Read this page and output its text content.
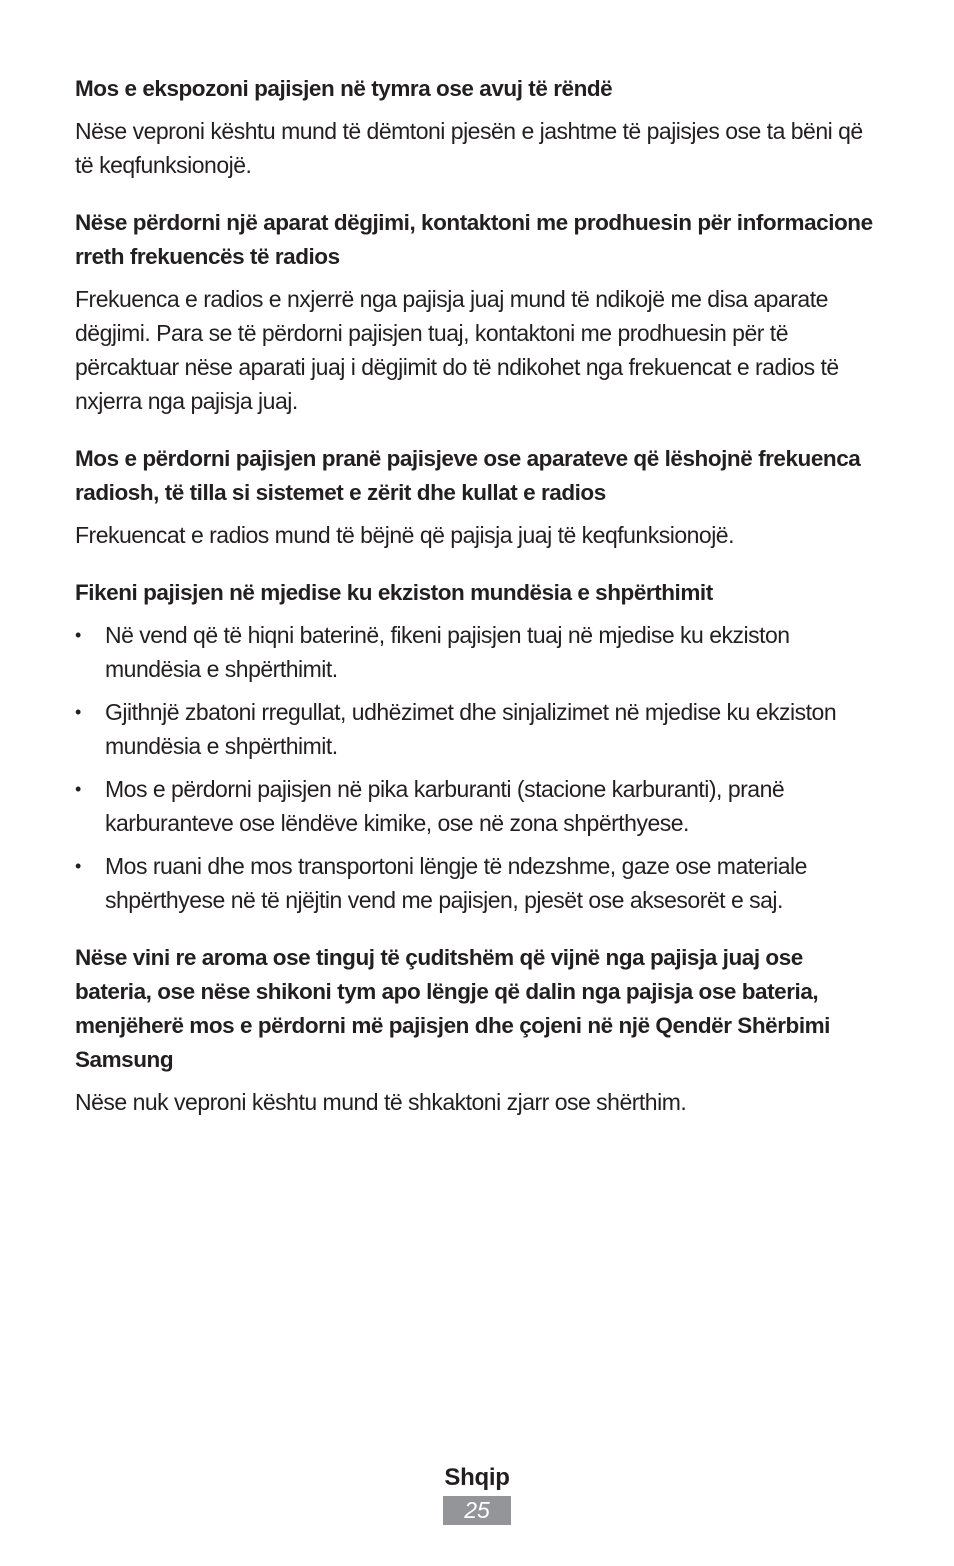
Mos e ekspozoni pajisjen në tymra ose avuj të rëndë

Nëse vepronі kështu mund të dëmtoni pjesën e jashtme të pajisjes ose ta bëni që të keqfunksionojë.

Nëse përdorni një aparat dëgjimi, kontaktoni me prodhuesin për informacione rreth frekuencës të radios

Frekuenca e radios e nxjerrë nga pajisja juaj mund të ndikojë me disa aparate dëgjimi. Para se të përdorni pajisjen tuaj, kontaktoni me prodhuesin për të përcaktuar nëse aparati juaj i dëgjimit do të ndikohet nga frekuencat e radios të nxjerra nga pajisja juaj.

Mos e përdorni pajisjen pranë pajisjeve ose aparateve që lëshojnë frekuenca radiosh, të tilla si sistemet e zërit dhe kullat e radios

Frekuencat e radios mund të bëjnë që pajisja juaj të keqfunksionojë.

Fikeni pajisjen në mjedise ku ekziston mundësia e shpërthimit
• Në vend që të hiqni baterinë, fikeni pajisjen tuaj në mjedise ku ekziston mundësia e shpërthimit.
• Gjithnjë zbatoni rregullat, udhëzimet dhe sinjalizimet në mjedise ku ekziston mundësia e shpërthimit.
• Mos e përdorni pajisjen në pika karburanti (stacione karburanti), pranë karburanteve ose lëndëve kimike, ose në zona shpërthyese.
• Mos ruani dhe mos transportoni lëngje të ndezshme, gaze ose materiale shpërthyese në të njëjtin vend me pajisjen, pjesët ose aksesorët e saj.
Nëse vini re aroma ose tinguj të çuditshëm që vijnë nga pajisja juaj ose bateria, ose nëse shikoni tym apo lëngje që dalin nga pajisja ose bateria, menjëherë mos e përdorni më pajisjen dhe çojeni në një Qendër Shërbimi Samsung

Nëse nuk vepronі kështu mund të shkaktoni zjarr ose shërthim.

Shqip
25
